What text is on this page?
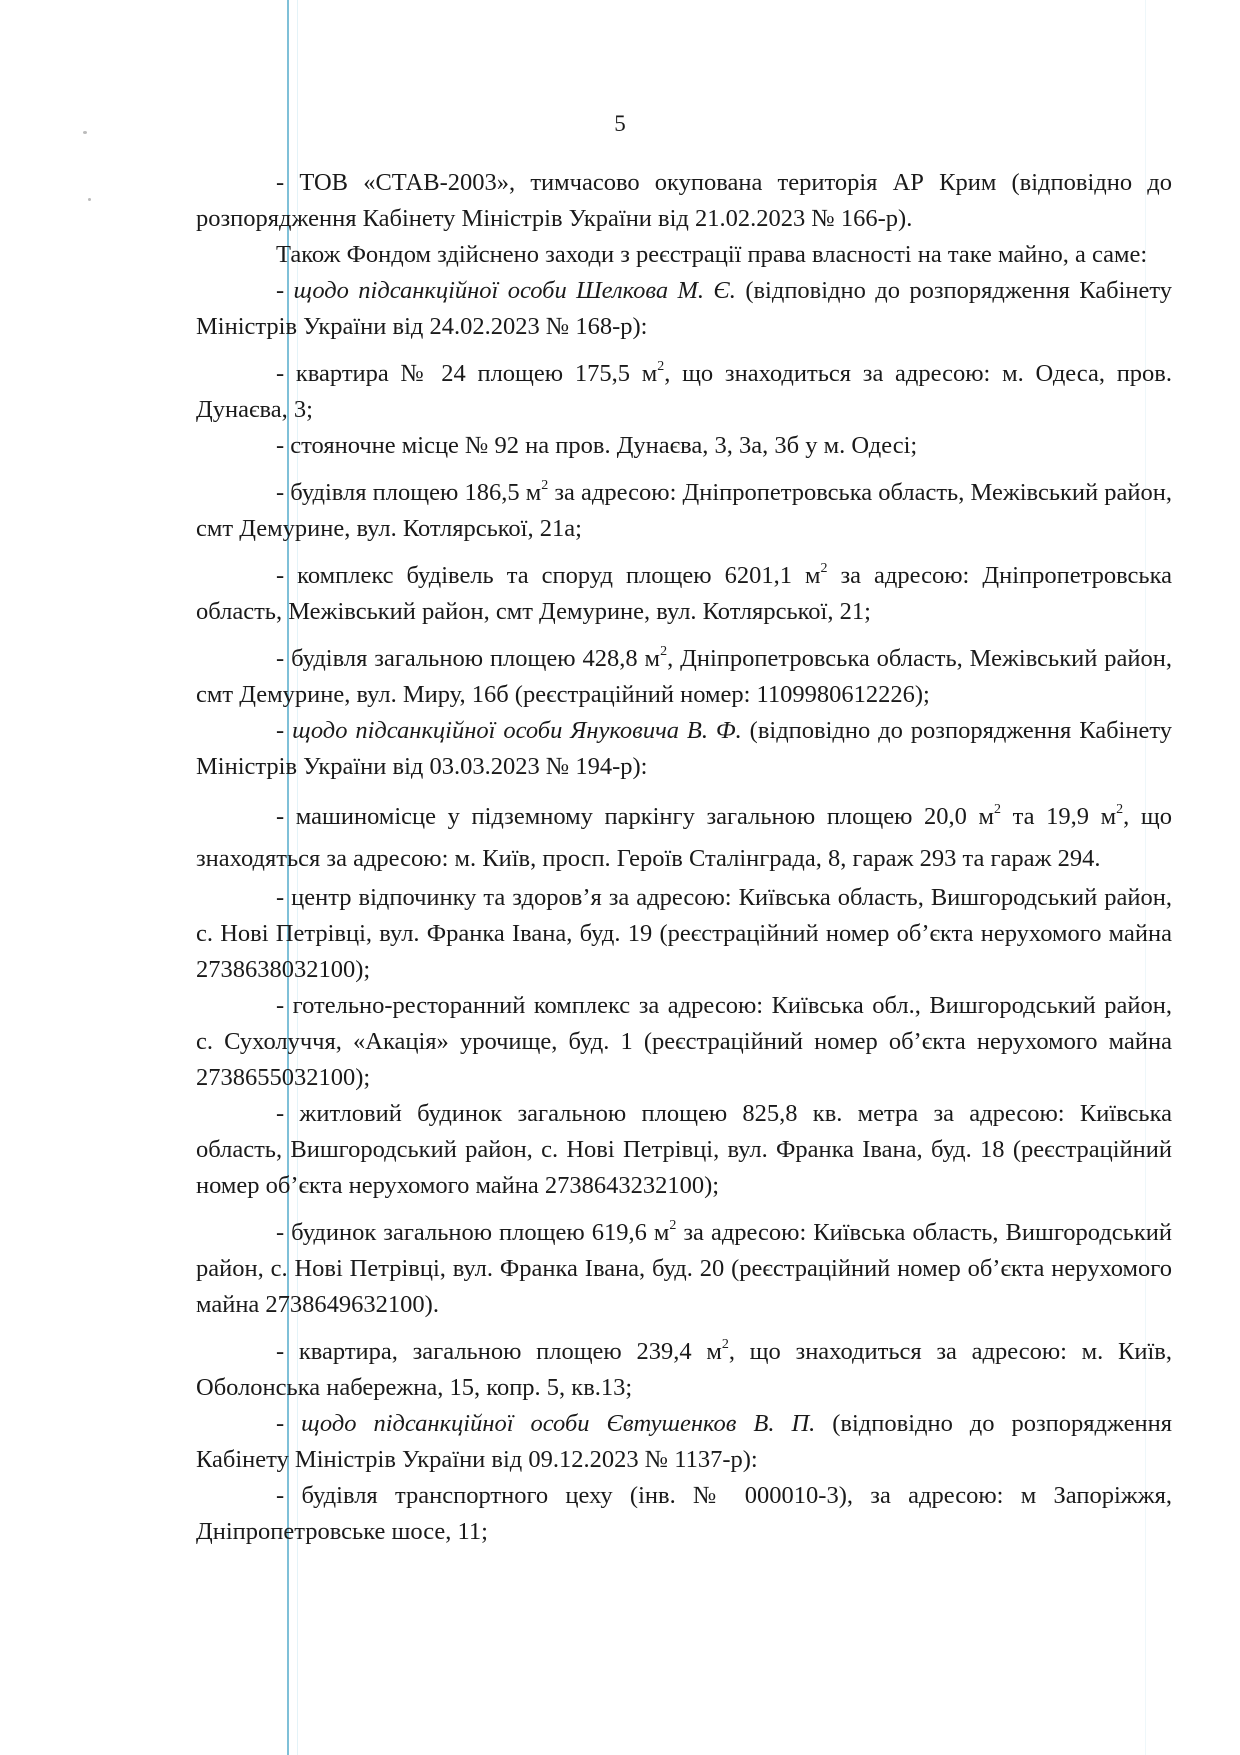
5

- ТОВ «СТАВ-2003», тимчасово окупована територія АР Крим (відповідно до розпорядження Кабінету Міністрів України від 21.02.2023 № 166-р).

Також Фондом здійснено заходи з реєстрації права власності на таке майно, а саме:

- щодо підсанкційної особи Шелкова М. Є. (відповідно до розпорядження Кабінету Міністрів України від 24.02.2023 № 168-р):

- квартира № 24 площею 175,5 $м^2$, що знаходиться за адресою: м. Одеса, пров. Дунаєва, 3;

- стояночне місце № 92 на пров. Дунаєва, 3, 3а, 3б у м. Одесі;

- будівля площею 186,5 $м^2$ за адресою: Дніпропетровська область, Межівський район, смт Демурине, вул. Котлярської, 21а;

- комплекс будівель та споруд площею 6201,1 $м^2$ за адресою: Дніпропетровська область, Межівський район, смт Демурине, вул. Котлярської, 21;

- будівля загальною площею 428,8 $м^2$, Дніпропетровська область, Межівський район, смт Демурине, вул. Миру, 16б (реєстраційний номер: 1109980612226);

- щодо підсанкційної особи Януковича В. Ф. (відповідно до розпорядження Кабінету Міністрів України від 03.03.2023 № 194-р):

- машиномісце у підземному паркінгу загальною площею 20,0 $м^2$ та 19,9 $м^2$, що знаходяться за адресою: м. Київ, просп. Героїв Сталінграда, 8, гараж 293 та гараж 294.

- центр відпочинку та здоров’я за адресою: Київська область, Вишгородський район, с. Нові Петрівці, вул. Франка Івана, буд. 19 (реєстраційний номер об’єкта нерухомого майна 2738638032100);

- готельно-ресторанний комплекс за адресою: Київська обл., Вишгородський район, с. Сухолуччя, «Акація» урочище, буд. 1 (реєстраційний номер об’єкта нерухомого майна 2738655032100);

- житловий будинок загальною площею 825,8 кв. метра за адресою: Київська область, Вишгородський район, с. Нові Петрівці, вул. Франка Івана, буд. 18 (реєстраційний номер об’єкта нерухомого майна 2738643232100);

- будинок загальною площею 619,6 $м^2$ за адресою: Київська область, Вишгородський район, с. Нові Петрівці, вул. Франка Івана, буд. 20 (реєстраційний номер об’єкта нерухомого майна 2738649632100).

- квартира, загальною площею 239,4 $м^2$, що знаходиться за адресою: м. Київ, Оболонська набережна, 15, копр. 5, кв.13;

- щодо підсанкційної особи Євтушенков В. П. (відповідно до розпорядження Кабінету Міністрів України від 09.12.2023 № 1137-р):

- будівля транспортного цеху (інв. № 000010-3), за адресою: м Запоріжжя, Дніпропетровське шосе, 11;
